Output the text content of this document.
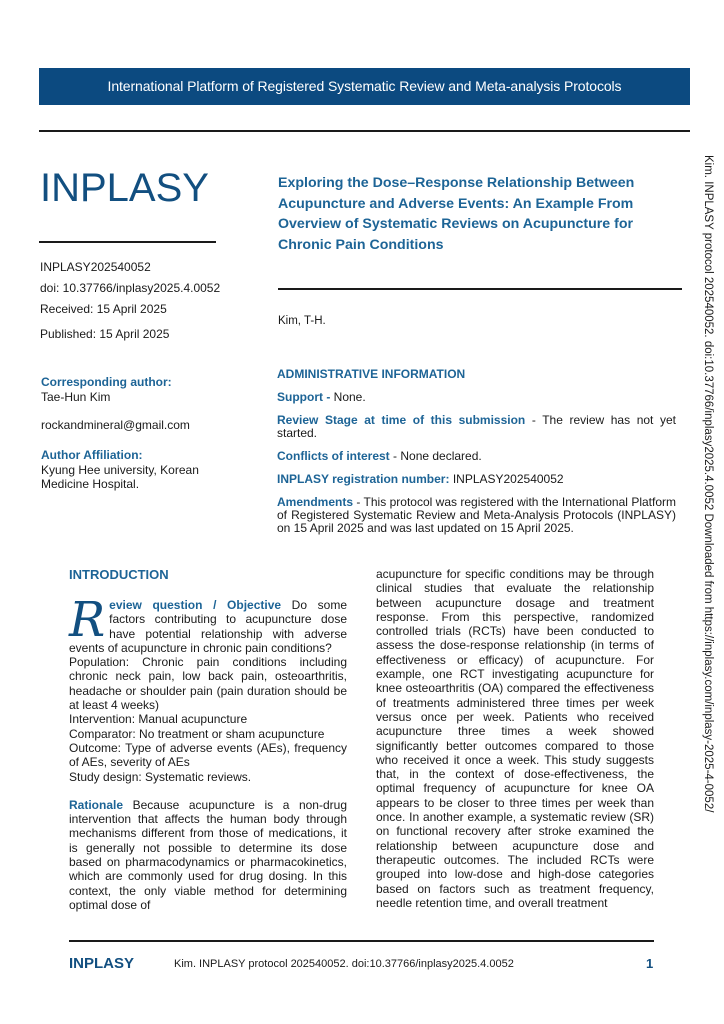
International Platform of Registered Systematic Review and Meta-analysis Protocols
INPLASY
INPLASY202540052
doi: 10.37766/inplasy2025.4.0052
Received: 15 April 2025
Published: 15 April 2025
Exploring the Dose–Response Relationship Between Acupuncture and Adverse Events: An Example From Overview of Systematic Reviews on Acupuncture for Chronic Pain Conditions
Kim, T-H.
Corresponding author:
Tae-Hun Kim
rockandmineral@gmail.com
Author Affiliation:
Kyung Hee university, Korean Medicine Hospital.

ADMINISTRATIVE INFORMATION

Support - None.

Review Stage at time of this submission - The review has not yet started.

Conflicts of interest - None declared.

INPLASY registration number: INPLASY202540052

Amendments - This protocol was registered with the International Platform of Registered Systematic Review and Meta-Analysis Protocols (INPLASY) on 15 April 2025 and was last updated on 15 April 2025.

INTRODUCTION

Review question / Objective Do some factors contributing to acupuncture dose have potential relationship with adverse events of acupuncture in chronic pain conditions?

Population: Chronic pain conditions including chronic neck pain, low back pain, osteoarthritis, headache or shoulder pain (pain duration should be at least 4 weeks)

Intervention: Manual acupuncture

Comparator: No treatment or sham acupuncture

Outcome: Type of adverse events (AEs), frequency of AEs, severity of AEs

Study design: Systematic reviews.

Rationale Because acupuncture is a non-drug intervention that affects the human body through mechanisms different from those of medications, it is generally not possible to determine its dose based on pharmacodynamics or pharmacokinetics, which are commonly used for drug dosing. In this context, the only viable method for determining optimal dose of

acupuncture for specific conditions may be through clinical studies that evaluate the relationship between acupuncture dosage and treatment response. From this perspective, randomized controlled trials (RCTs) have been conducted to assess the dose-response relationship (in terms of effectiveness or efficacy) of acupuncture. For example, one RCT investigating acupuncture for knee osteoarthritis (OA) compared the effectiveness of treatments administered three times per week versus once per week. Patients who received acupuncture three times a week showed significantly better outcomes compared to those who received it once a week. This study suggests that, in the context of dose-effectiveness, the optimal frequency of acupuncture for knee OA appears to be closer to three times per week than once. In another example, a systematic review (SR) on functional recovery after stroke examined the relationship between acupuncture dose and therapeutic outcomes. The included RCTs were grouped into low-dose and high-dose categories based on factors such as treatment frequency, needle retention time, and overall treatment

Kim. INPLASY protocol 202540052. doi:10.37766/inplasy2025.4.0052 Downloaded from https://inplasy.com/inplasy-2025-4-0052/
INPLASY	Kim. INPLASY protocol 202540052. doi:10.37766/inplasy2025.4.0052	1
